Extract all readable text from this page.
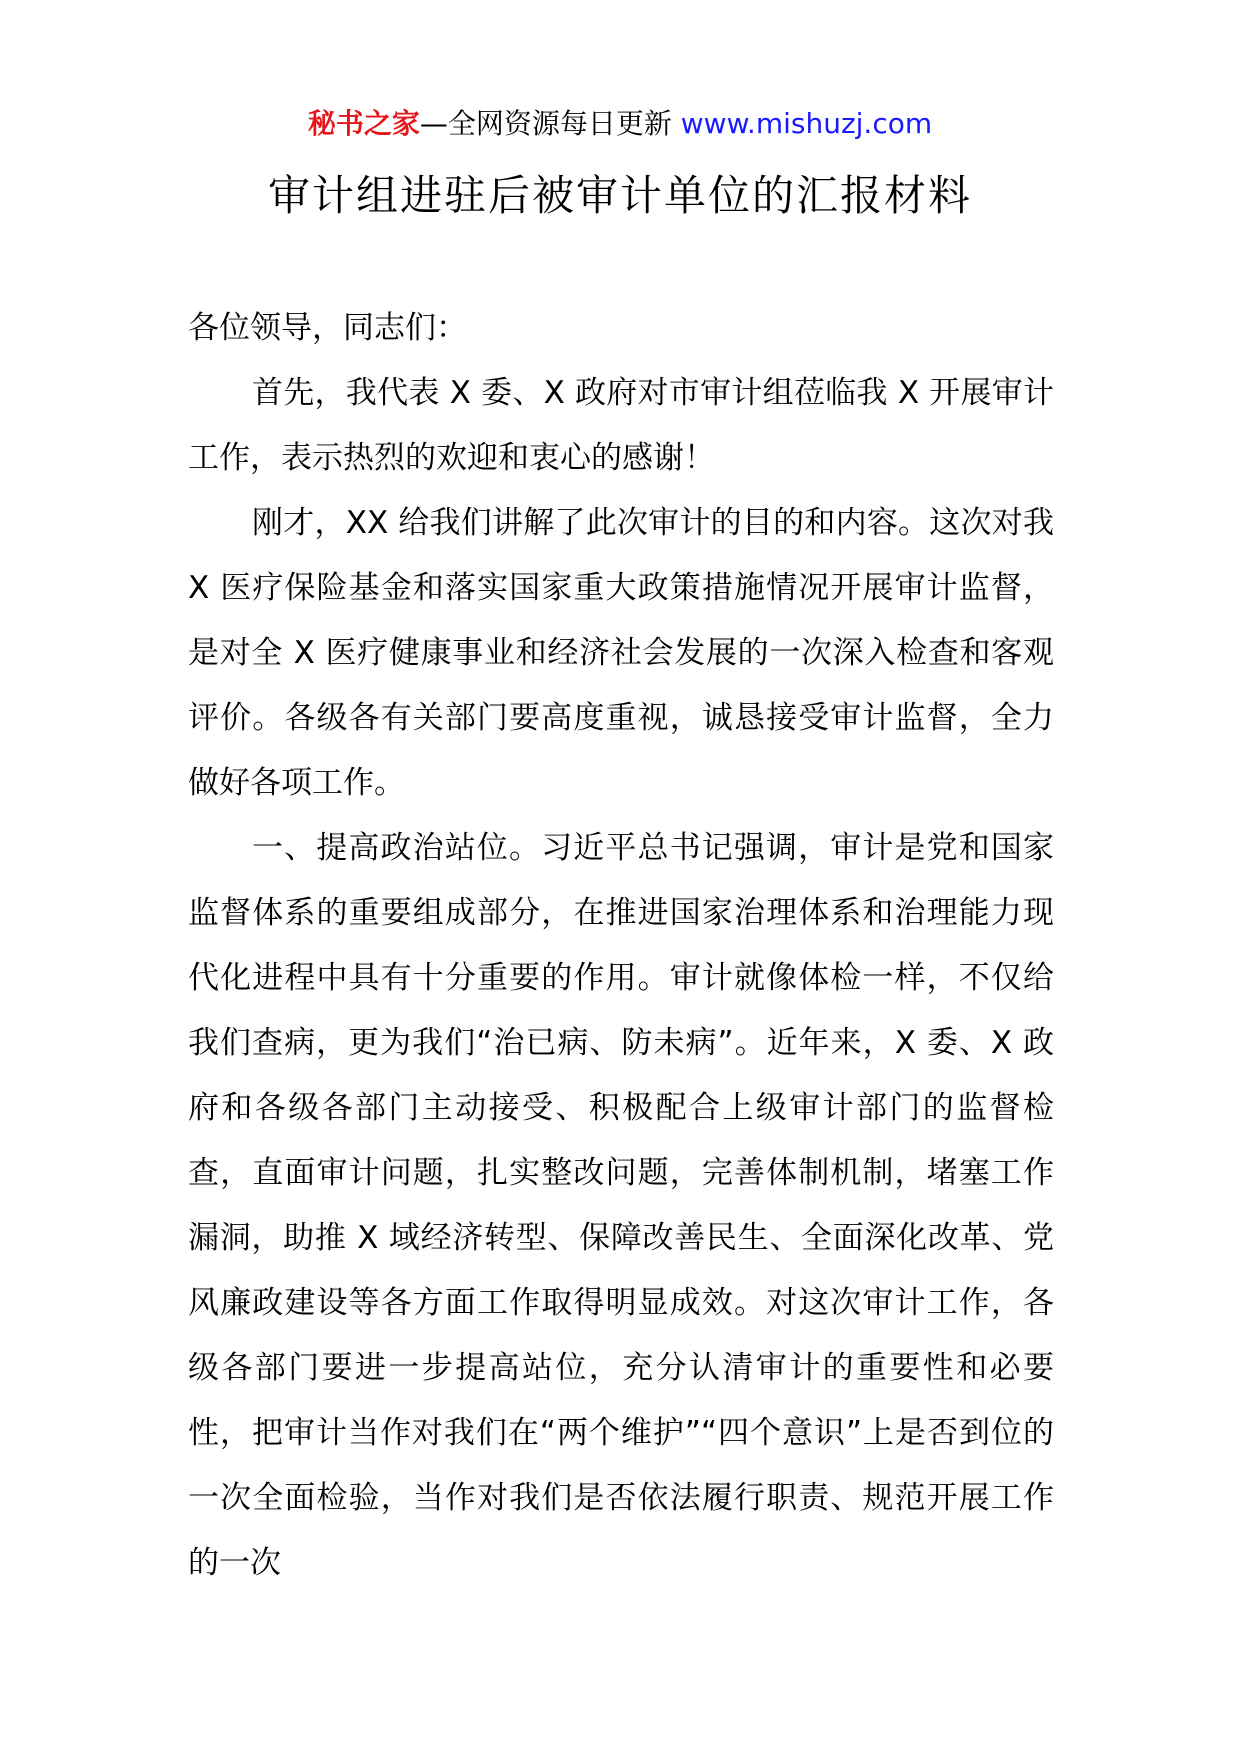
秘书之家—全网资源每日更新 www.mishuzj.com
审计组进驻后被审计单位的汇报材料

各位领导，同志们：

首先，我代表 X 委、X 政府对市审计组莅临我 X 开展审计工作，表示热烈的欢迎和衷心的感谢！

刚才，XX 给我们讲解了此次审计的目的和内容。这次对我 X 医疗保险基金和落实国家重大政策措施情况开展审计监督，是对全 X 医疗健康事业和经济社会发展的一次深入检查和客观评价。各级各有关部门要高度重视，诚恳接受审计监督，全力做好各项工作。

一、提高政治站位。习近平总书记强调，审计是党和国家监督体系的重要组成部分，在推进国家治理体系和治理能力现代化进程中具有十分重要的作用。审计就像体检一样，不仅给我们查病，更为我们“治已病、防未病”。近年来，X 委、X 政府和各级各部门主动接受、积极配合上级审计部门的监督检查，直面审计问题，扎实整改问题，完善体制机制，堵塞工作漏洞，助推 X 域经济转型、保障改善民生、全面深化改革、党风廉政建设等各方面工作取得明显成效。对这次审计工作，各级各部门要进一步提高站位，充分认清审计的重要性和必要性，把审计当作对我们在“两个维护”“四个意识”上是否到位的一次全面检验，当作对我们是否依法履行职责、规范开展工作的一次
